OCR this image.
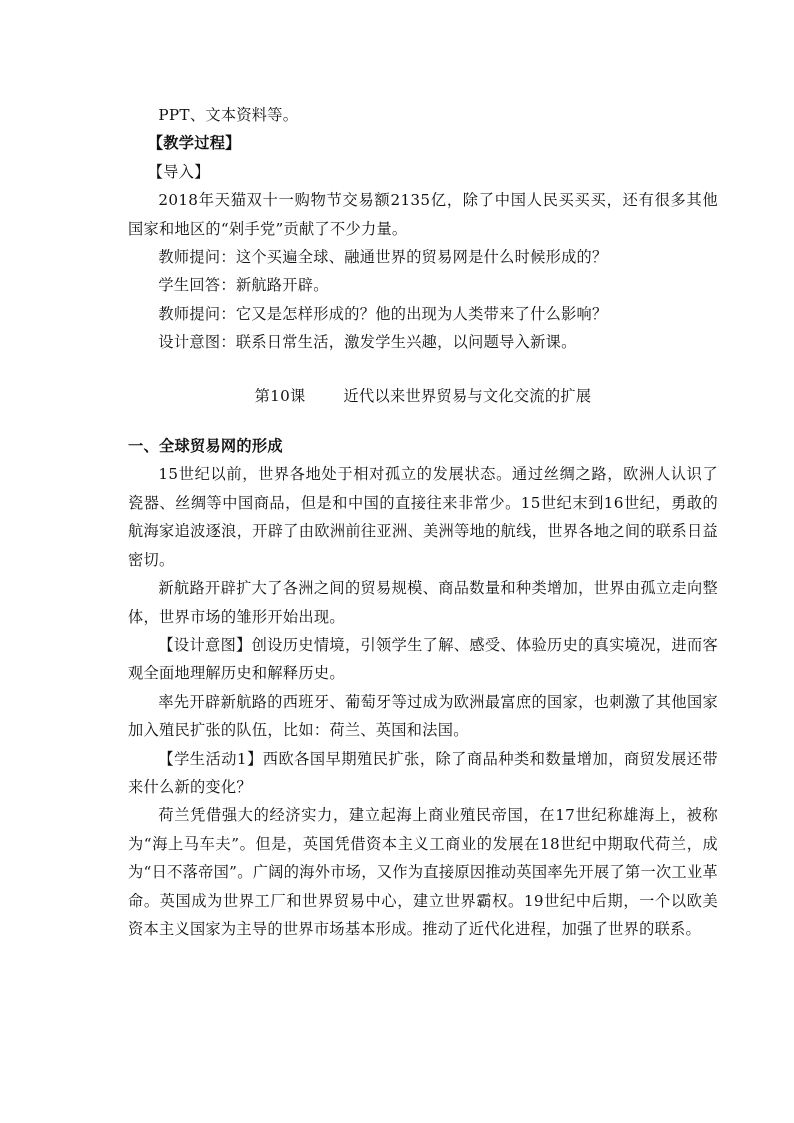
PPT、文本资料等。

【教学过程】

【导入】

2018年天猫双十一购物节交易额2135亿，除了中国人民买买买，还有很多其他国家和地区的“剁手党”贡献了不少力量。

教师提问：这个买遍全球、融通世界的贸易网是什么时候形成的？

学生回答：新航路开辟。

教师提问：它又是怎样形成的？他的出现为人类带来了什么影响？

设计意图：联系日常生活，激发学生兴趣，以问题导入新课。

第10课	近代以来世界贸易与文化交流的扩展

一、全球贸易网的形成

15世纪以前，世界各地处于相对孤立的发展状态。通过丝绸之路，欧洲人认识了瓷器、丝绸等中国商品，但是和中国的直接往来非常少。15世纪末到16世纪，勇敢的航海家追波逐浪，开辟了由欧洲前往亚洲、美洲等地的航线，世界各地之间的联系日益密切。

新航路开辟扩大了各洲之间的贸易规模、商品数量和种类增加，世界由孤立走向整体，世界市场的雏形开始出现。

【设计意图】创设历史情境，引领学生了解、感受、体验历史的真实境况，进而客观全面地理解历史和解释历史。

率先开辟新航路的西班牙、葡萄牙等过成为欧洲最富庶的国家，也刺激了其他国家加入殖民扩张的队伍，比如：荷兰、英国和法国。

【学生活动1】西欧各国早期殖民扩张，除了商品种类和数量增加，商贸发展还带来什么新的变化？

荷兰凭借强大的经济实力，建立起海上商业殖民帝国，在17世纪称雄海上，被称为“海上马车夫”。但是，英国凭借资本主义工商业的发展在18世纪中期取代荷兰，成为“日不落帝国”。广阔的海外市场，又作为直接原因推动英国率先开展了第一次工业革命。英国成为世界工厂和世界贸易中心，建立世界霸权。19世纪中后期，一个以欧美资本主义国家为主导的世界市场基本形成。推动了近代化进程，加强了世界的联系。
